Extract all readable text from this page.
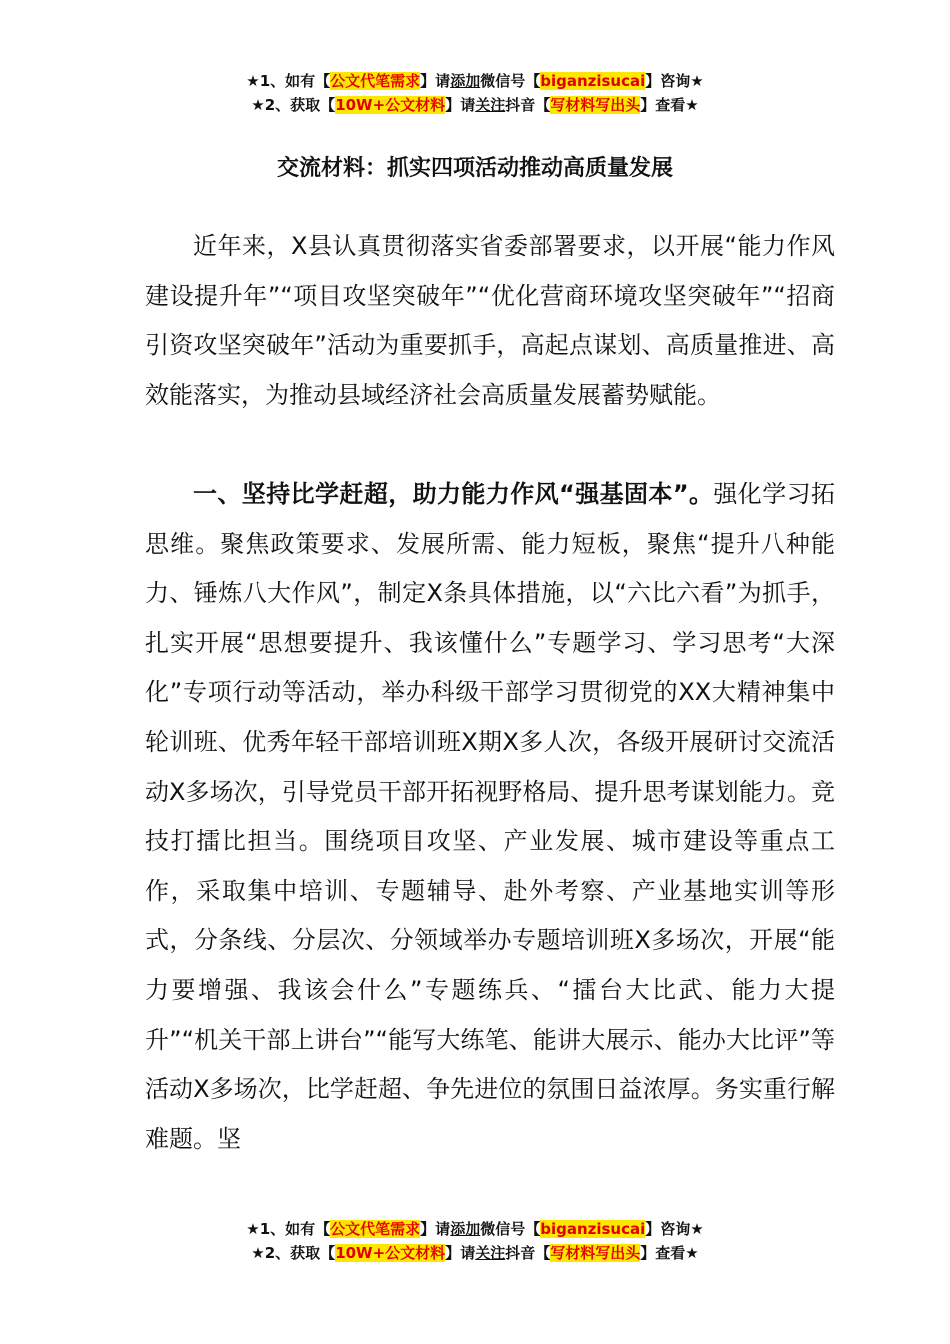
★1、如有【公文代笔需求】请添加微信号【biganzisucai】咨询★
★2、获取【10W+公文材料】请关注抖音【写材料写出头】查看★
交流材料：抓实四项活动推动高质量发展

近年来，X县认真贯彻落实省委部署要求，以开展“能力作风建设提升年”“项目攻坚突破年”“优化营商环境攻坚突破年”“招商引资攻坚突破年”活动为重要抓手，高起点谋划、高质量推进、高效能落实，为推动县域经济社会高质量发展蓄势赋能。

一、坚持比学赶超，助力能力作风“强基固本”。强化学习拓思维。聚焦政策要求、发展所需、能力短板，聚焦“提升八种能力、锤炼八大作风”，制定X条具体措施，以“六比六看”为抓手，扎实开展“思想要提升、我该懂什么”专题学习、学习思考“大深化”专项行动等活动，举办科级干部学习贯彻党的XX大精神集中轮训班、优秀年轻干部培训班X期X多人次，各级开展研讨交流活动X多场次，引导党员干部开拓视野格局、提升思考谋划能力。竞技打擂比担当。围绕项目攻坚、产业发展、城市建设等重点工作，采取集中培训、专题辅导、赴外考察、产业基地实训等形式，分条线、分层次、分领域举办专题培训班X多场次，开展“能力要增强、我该会什么”专题练兵、“擂台大比武、能力大提升”“机关干部上讲台”“能写大练笔、能讲大展示、能办大比评”等活动X多场次，比学赶超、争先进位的氛围日益浓厚。务实重行解难题。坚

★1、如有【公文代笔需求】请添加微信号【biganzisucai】咨询★
★2、获取【10W+公文材料】请关注抖音【写材料写出头】查看★
